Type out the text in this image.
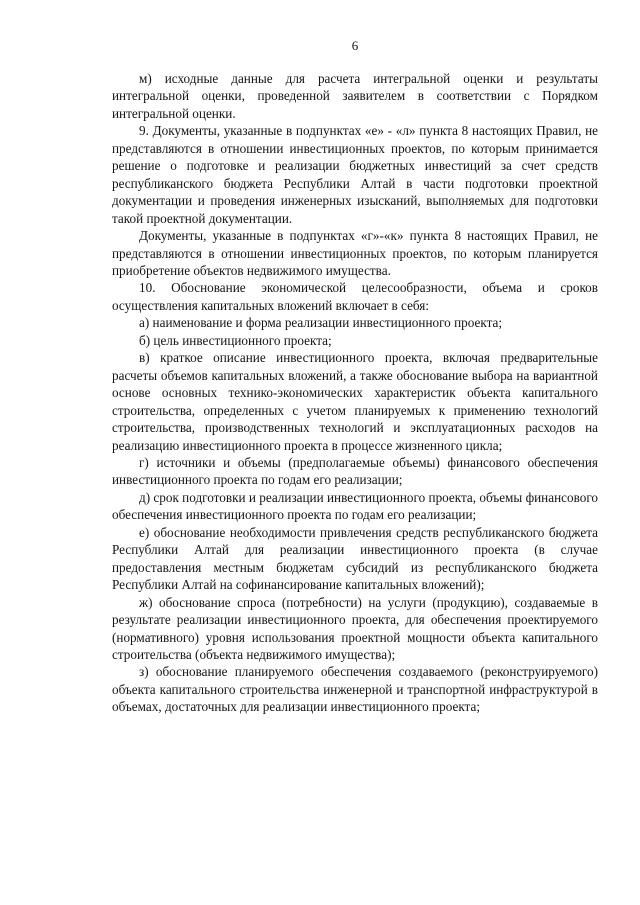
6

м) исходные данные для расчета интегральной оценки и результаты интегральной оценки, проведенной заявителем в соответствии с Порядком интегральной оценки.

9. Документы, указанные в подпунктах «е» - «л» пункта 8 настоящих Правил, не представляются в отношении инвестиционных проектов, по которым принимается решение о подготовке и реализации бюджетных инвестиций за счет средств республиканского бюджета Республики Алтай в части подготовки проектной документации и проведения инженерных изысканий, выполняемых для подготовки такой проектной документации.

Документы, указанные в подпунктах «г»-«к» пункта 8 настоящих Правил, не представляются в отношении инвестиционных проектов, по которым планируется приобретение объектов недвижимого имущества.

10. Обоснование экономической целесообразности, объема и сроков осуществления капитальных вложений включает в себя:

а) наименование и форма реализации инвестиционного проекта;

б) цель инвестиционного проекта;

в) краткое описание инвестиционного проекта, включая предварительные расчеты объемов капитальных вложений, а также обоснование выбора на вариантной основе основных технико-экономических характеристик объекта капитального строительства, определенных с учетом планируемых к применению технологий строительства, производственных технологий и эксплуатационных расходов на реализацию инвестиционного проекта в процессе жизненного цикла;

г) источники и объемы (предполагаемые объемы) финансового обеспечения инвестиционного проекта по годам его реализации;

д) срок подготовки и реализации инвестиционного проекта, объемы финансового обеспечения инвестиционного проекта по годам его реализации;

е) обоснование необходимости привлечения средств республиканского бюджета Республики Алтай для реализации инвестиционного проекта (в случае предоставления местным бюджетам субсидий из республиканского бюджета Республики Алтай на софинансирование капитальных вложений);

ж) обоснование спроса (потребности) на услуги (продукцию), создаваемые в результате реализации инвестиционного проекта, для обеспечения проектируемого (нормативного) уровня использования проектной мощности объекта капитального строительства (объекта недвижимого имущества);

з) обоснование планируемого обеспечения создаваемого (реконструируемого) объекта капитального строительства инженерной и транспортной инфраструктурой в объемах, достаточных для реализации инвестиционного проекта;
